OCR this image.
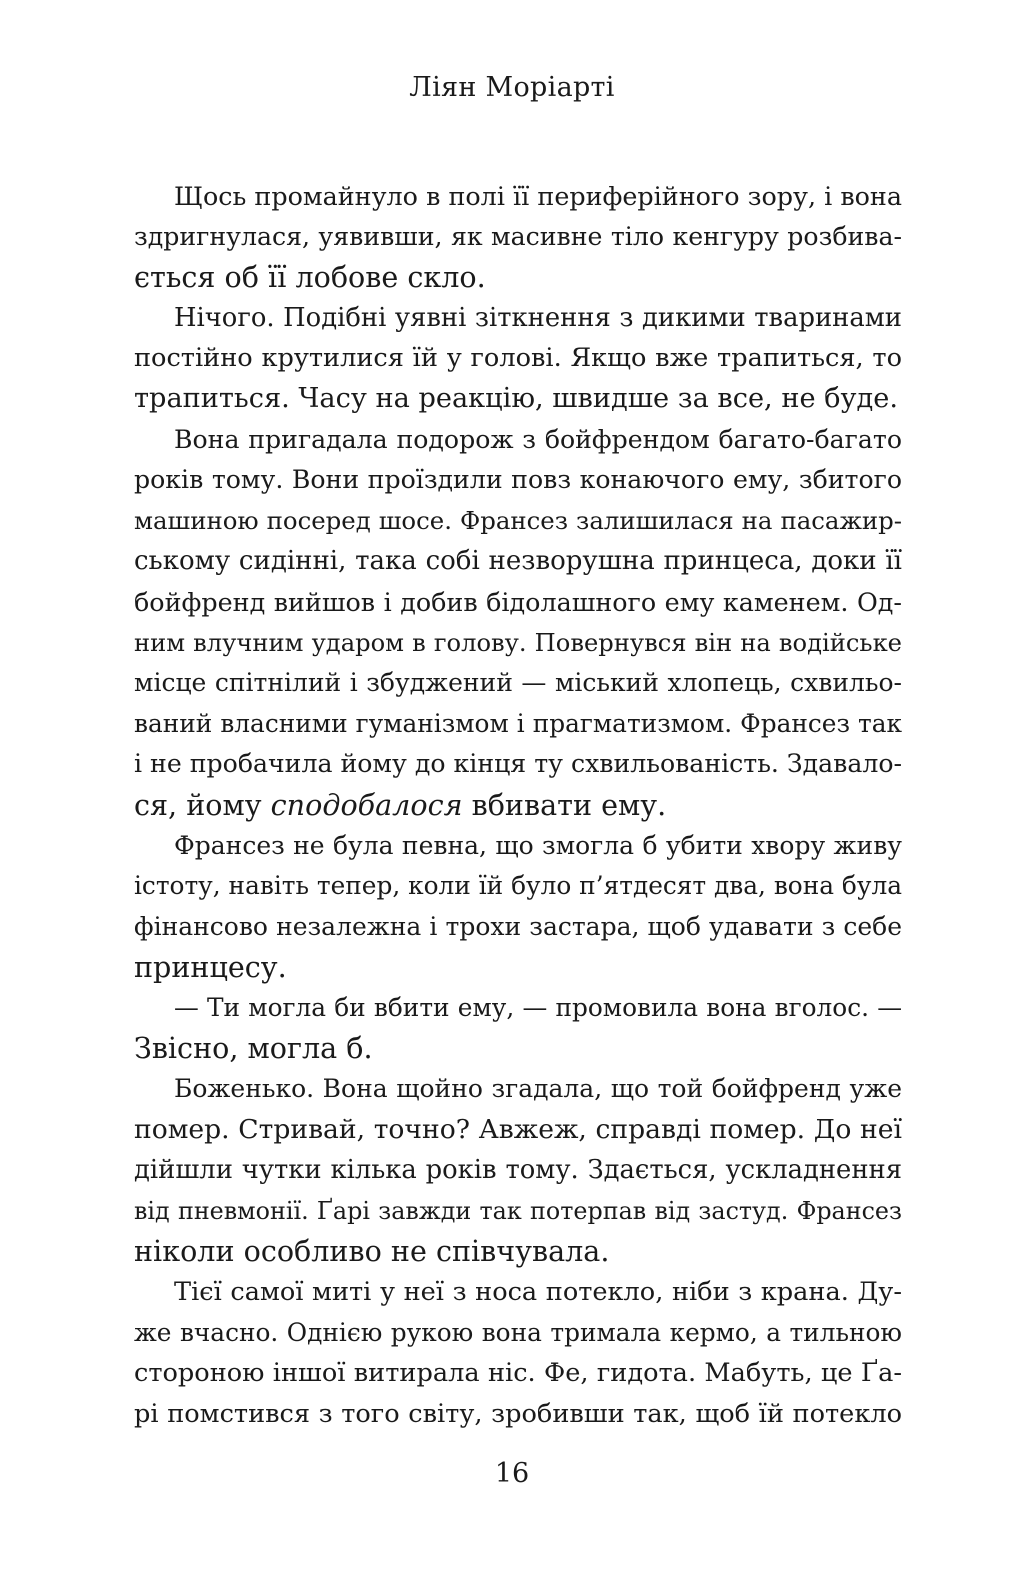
Ліян Моріарті
Щось промайнуло в полі її периферійного зору, і вона
здригнулася, уявивши, як масивне тіло кенгуру розбива-
ється об її лобове скло.
Нічого. Подібні уявні зіткнення з дикими тваринами
постійно крутилися їй у голові. Якщо вже трапиться, то
трапиться. Часу на реакцію, швидше за все, не буде.
Вона пригадала подорож з бойфрендом багато-багато
років тому. Вони проїздили повз конаючого ему, збитого
машиною посеред шосе. Франсез залишилася на пасажир-
ському сидінні, така собі незворушна принцеса, доки її
бойфренд вийшов і добив бідолашного ему каменем. Од-
ним влучним ударом в голову. Повернувся він на водійське
місце спітнілий і збуджений — міський хлопець, схвильо-
ваний власними гуманізмом і прагматизмом. Франсез так
і не пробачила йому до кінця ту схвильованість. Здавало-
ся, йому сподобалося вбивати ему.
Франсез не була певна, що змогла б убити хвору живу
істоту, навіть тепер, коли їй було п’ятдесят два, вона була
фінансово незалежна і трохи застара, щоб удавати з себе
принцесу.
— Ти могла би вбити ему, — промовила вона вголос. —
Звісно, могла б.
Боженько. Вона щойно згадала, що той бойфренд уже
помер. Стривай, точно? Авжеж, справді помер. До неї
дійшли чутки кілька років тому. Здається, ускладнення
від пневмонії. Ґарі завжди так потерпав від застуд. Франсез
ніколи особливо не співчувала.
Тієї самої миті у неї з носа потекло, ніби з крана. Ду-
же вчасно. Однією рукою вона тримала кермо, а тильною
стороною іншої витирала ніс. Фе, гидота. Мабуть, це Ґа-
рі помстився з того світу, зробивши так, щоб їй потекло
16
